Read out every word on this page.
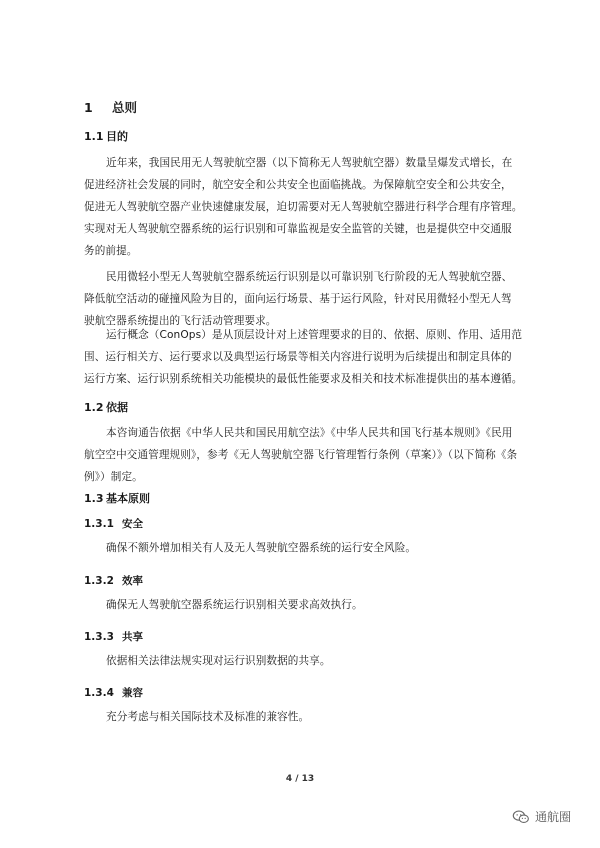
1 总则
1.1 目的
近年来，我国民用无人驾驶航空器（以下简称无人驾驶航空器）数量呈爆发式增长，在
促进经济社会发展的同时，航空安全和公共安全也面临挑战。为保障航空安全和公共安全，
促进无人驾驶航空器产业快速健康发展，迫切需要对无人驾驶航空器进行科学合理有序管理。
实现对无人驾驶航空器系统的运行识别和可靠监视是安全监管的关键，也是提供空中交通服
务的前提。
民用微轻小型无人驾驶航空器系统运行识别是以可靠识别飞行阶段的无人驾驶航空器、
降低航空活动的碰撞风险为目的，面向运行场景、基于运行风险，针对民用微轻小型无人驾
驶航空器系统提出的飞行活动管理要求。
运行概念（ConOps）是从顶层设计对上述管理要求的目的、依据、原则、作用、适用范
围、运行相关方、运行要求以及典型运行场景等相关内容进行说明为后续提出和制定具体的
运行方案、运行识别系统相关功能模块的最低性能要求及相关和技术标准提供出的基本遵循。
1.2 依据
本咨询通告依据《中华人民共和国民用航空法》《中华人民共和国飞行基本规则》《民用
航空空中交通管理规则》，参考《无人驾驶航空器飞行管理暂行条例（草案）》（以下简称《条
例》）制定。
1.3 基本原则
1.3.1 安全
确保不额外增加相关有人及无人驾驶航空器系统的运行安全风险。
1.3.2 效率
确保无人驾驶航空器系统运行识别相关要求高效执行。
1.3.3 共享
依据相关法律法规实现对运行识别数据的共享。
1.3.4 兼容
充分考虑与相关国际技术及标准的兼容性。
4 / 13
通航圈
